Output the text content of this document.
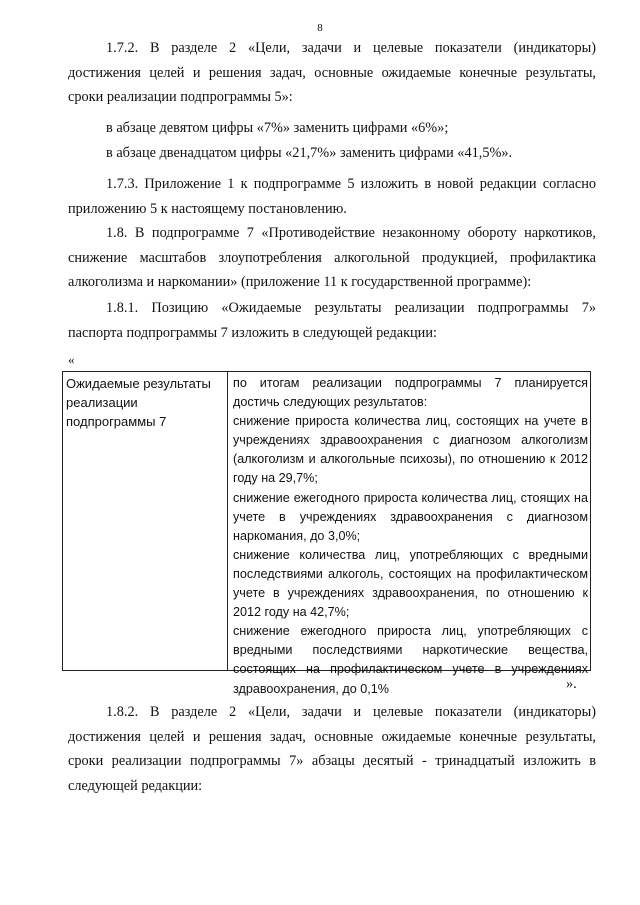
8
1.7.2. В разделе 2 «Цели, задачи и целевые показатели (индикаторы) достижения целей и решения задач, основные ожидаемые конечные результаты, сроки реализации подпрограммы 5»:
в абзаце девятом цифры «7%» заменить цифрами «6%»;
в абзаце двенадцатом цифры «21,7%» заменить цифрами «41,5%».
1.7.3. Приложение 1 к подпрограмме 5 изложить в новой редакции согласно приложению 5 к настоящему постановлению.
1.8. В подпрограмме 7 «Противодействие незаконному обороту наркотиков, снижение масштабов злоупотребления алкогольной продукцией, профилактика алкоголизма и наркомании» (приложение 11 к государственной программе):
1.8.1. Позицию «Ожидаемые результаты реализации подпрограммы 7» паспорта подпрограммы 7 изложить в следующей редакции:
«

Ожидаемые результаты реализации подпрограммы 7

по итогам реализации подпрограммы 7 планируется достичь следующих результатов:

снижение прироста количества лиц, состоящих на учете в учреждениях здравоохранения с диагнозом алкоголизм (алкоголизм и алкогольные психозы), по отношению к 2012 году на 29,7%;

снижение ежегодного прироста количества лиц, стоящих на учете в учреждениях здравоохранения с диагнозом наркомания, до 3,0%;

снижение количества лиц, употребляющих с вредными последствиями алкоголь, состоящих на профилактическом учете в учреждениях здравоохранения, по отношению к 2012 году на 42,7%;

снижение ежегодного прироста лиц, употребляющих с вредными последствиями наркотические вещества, состоящих на профилактическом учете в учреждениях здравоохранения, до 0,1%	».
1.8.2. В разделе 2 «Цели, задачи и целевые показатели (индикаторы) достижения целей и решения задач, основные ожидаемые конечные результаты, сроки реализации подпрограммы 7» абзацы десятый - тринадцатый изложить в следующей редакции:
